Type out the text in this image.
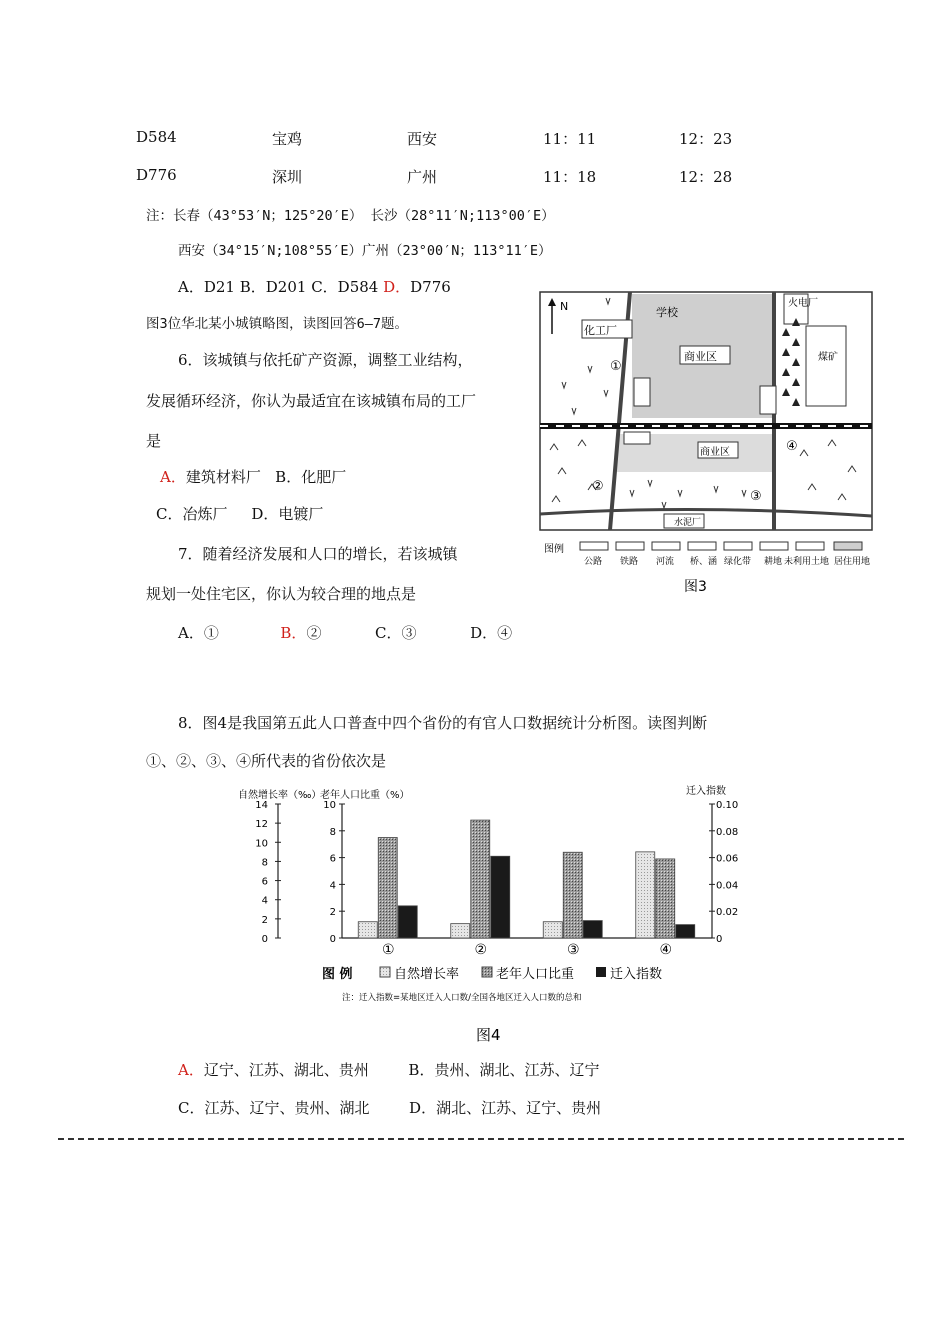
D584	宝鸡	西安	11：11	12：23
D776	深圳	广州	11：18	12：28
注：长春（43°53′N；125°20′E） 长沙（28°11′N;113°00′E）
西安（34°15′N;108°55′E）广州（23°00′N；113°11′E）
A．D21 B．D201 C．D584 D．D776
图3位华北某小城镇略图，读图回答6—7题。
6．该城镇与依托矿产资源，调整工业结构，
发展循环经济，你认为最适宜在该城镇布局的工厂
是
A．建筑材料厂 B．化肥厂
C．冶炼厂 D．电镀厂
7．随着经济发展和人口的增长，若该城镇
规划一处住宅区，你认为较合理的地点是
A．①	B．②	C．③	D．④
化工厂
学校
商业区
商业区
火电厂
煤矿
水泥厂
N
①
②
③
④
图例
公路 铁路 河流 桥、涵 绿化带 耕地 未利用土地 居住用地
图3
8．图4是我国第五此人口普查中四个省份的有官人口数据统计分析图。读图判断
①、②、③、④所代表的省份依次是
自然增长率（‰）
老年人口比重（%）	迁入指数
0
2
4
6
8
10
12
14
0
2
4
6
8
10
0
0.02
0.04
0.06
0.08
0.10
①	②	③	④
图 例	自然增长率	老年人口比重	迁入指数
注：迁入指数=某地区迁入人口数/全国各地区迁入人口数的总和
图4
A．辽宁、江苏、湖北、贵州	B．贵州、湖北、江苏、辽宁
C．江苏、辽宁、贵州、湖北	D．湖北、江苏、辽宁、贵州
